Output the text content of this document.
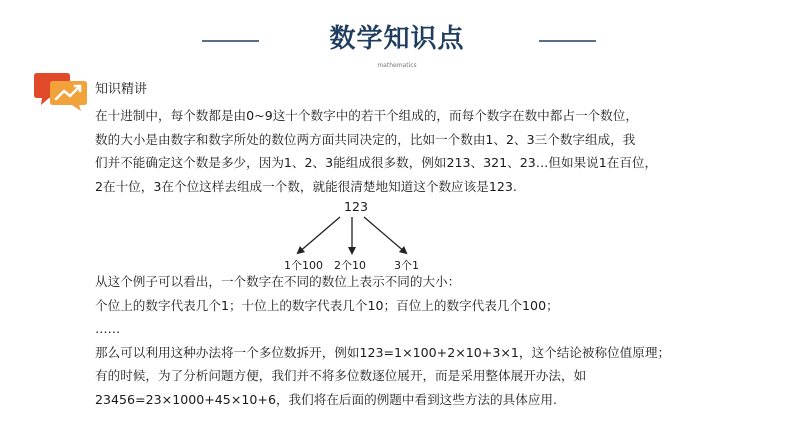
数学知识点
mathematics
知识精讲
在十进制中，每个数都是由0~9这十个数字中的若干个组成的，而每个数字在数中都占一个数位，
数的大小是由数字和数字所处的数位两方面共同决定的，比如一个数由1、2、3三个数字组成，我
们并不能确定这个数是多少，因为1、2、3能组成很多数，例如213、321、23…但如果说1在百位，
2在十位，3在个位这样去组成一个数，就能很清楚地知道这个数应该是123.
123
1个100 2个10	3个1
从这个例子可以看出，一个数字在不同的数位上表示不同的大小：
个位上的数字代表几个1；十位上的数字代表几个10；百位上的数字代表几个100；
……
那么可以利用这种办法将一个多位数拆开，例如123=1×100+2×10+3×1，这个结论被称位值原理；
有的时候，为了分析问题方便，我们并不将多位数逐位展开，而是采用整体展开办法，如
23456=23×1000+45×10+6，我们将在后面的例题中看到这些方法的具体应用.
